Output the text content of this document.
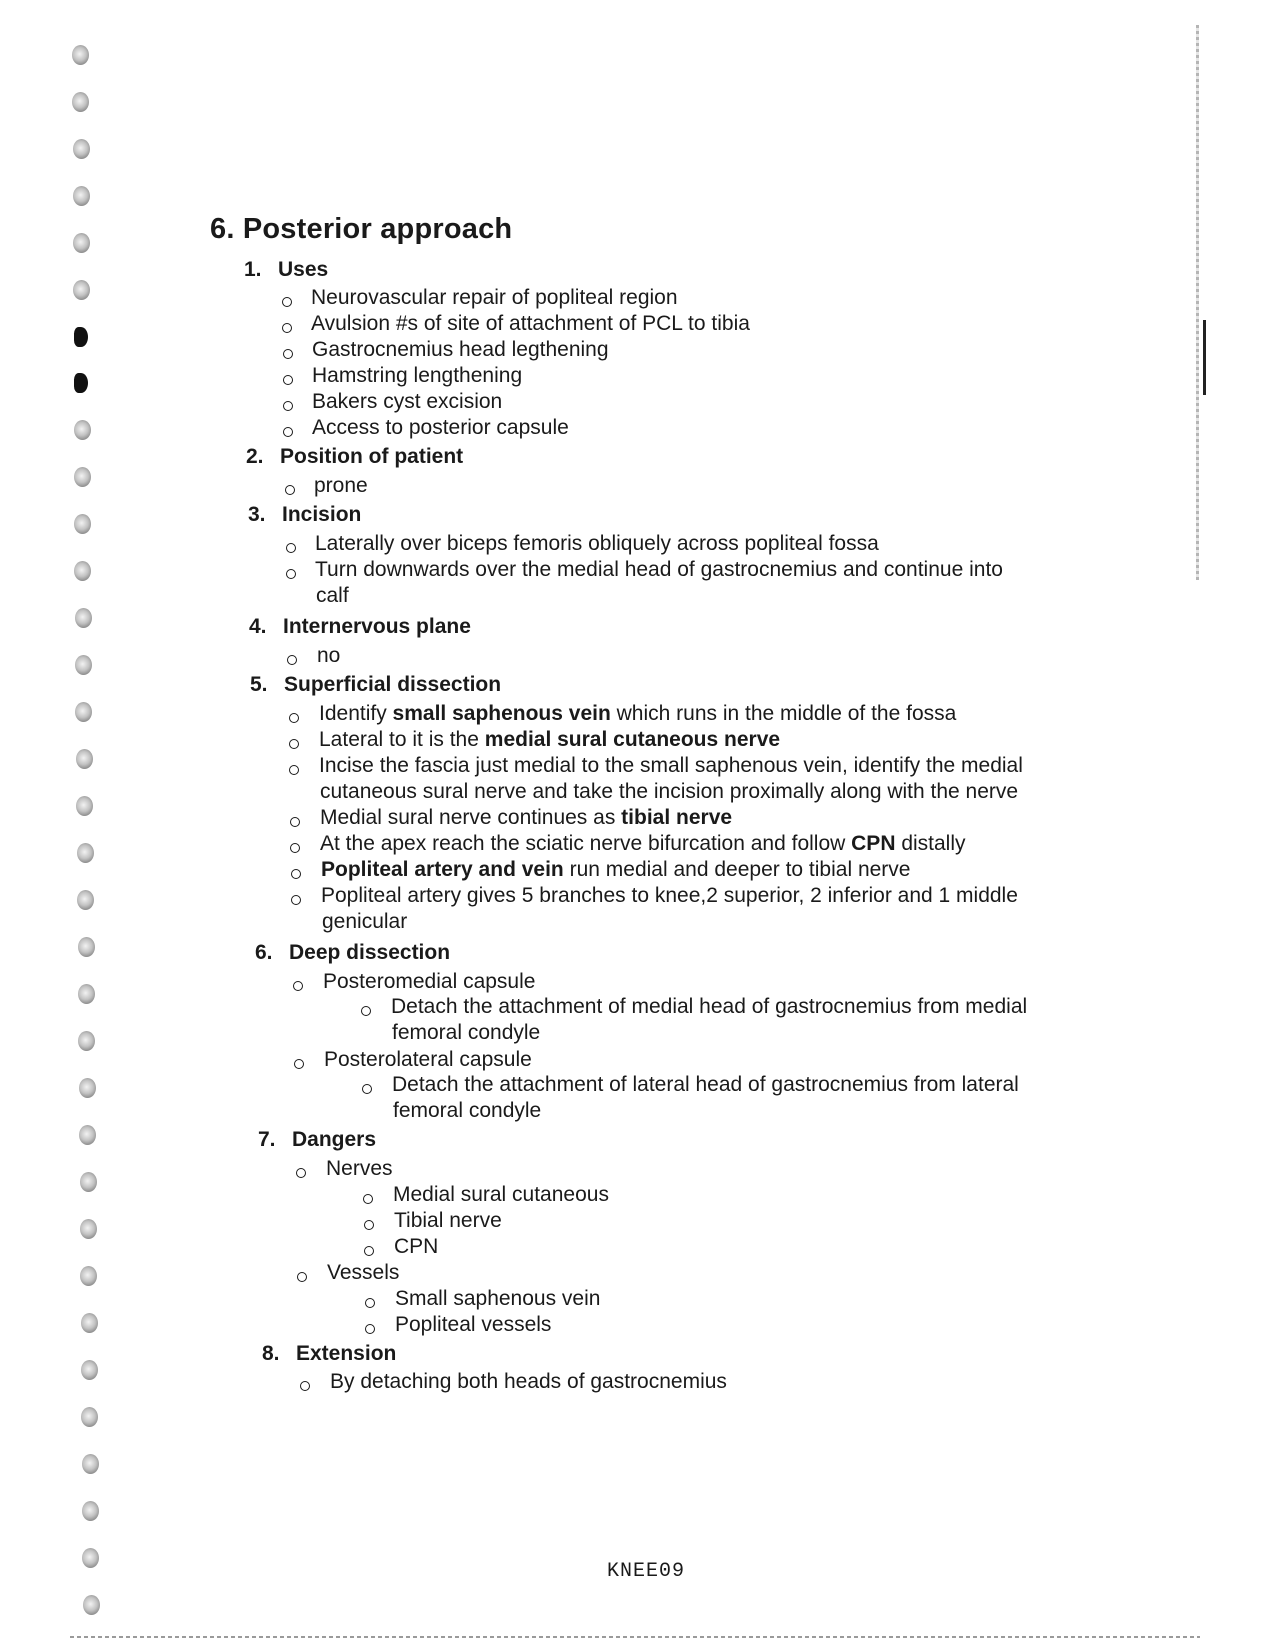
6. Posterior approach
1. Uses
Neurovascular repair of popliteal region
Avulsion #s of site of attachment of PCL to tibia
Gastrocnemius head legthening
Hamstring lengthening
Bakers cyst excision
Access to posterior capsule
2. Position of patient
prone
3. Incision
Laterally over biceps femoris obliquely across popliteal fossa
Turn downwards over the medial head of gastrocnemius and continue into
calf
4. Internervous plane
no
5. Superficial dissection
Identify small saphenous vein which runs in the middle of the fossa
Lateral to it is the medial sural cutaneous nerve
Incise the fascia just medial to the small saphenous vein, identify the medial
cutaneous sural nerve and take the incision proximally along with the nerve
Medial sural nerve continues as tibial nerve
At the apex reach the sciatic nerve bifurcation and follow CPN distally
Popliteal artery and vein run medial and deeper to tibial nerve
Popliteal artery gives 5 branches to knee,2 superior, 2 inferior and 1 middle
genicular
6. Deep dissection
Posteromedial capsule
Detach the attachment of medial head of gastrocnemius from medial
femoral condyle
Posterolateral capsule
Detach the attachment of lateral head of gastrocnemius from lateral
femoral condyle
7. Dangers
Nerves
Medial sural cutaneous
Tibial nerve
CPN
Vessels
Small saphenous vein
Popliteal vessels
8. Extension
By detaching both heads of gastrocnemius
KNEE09
